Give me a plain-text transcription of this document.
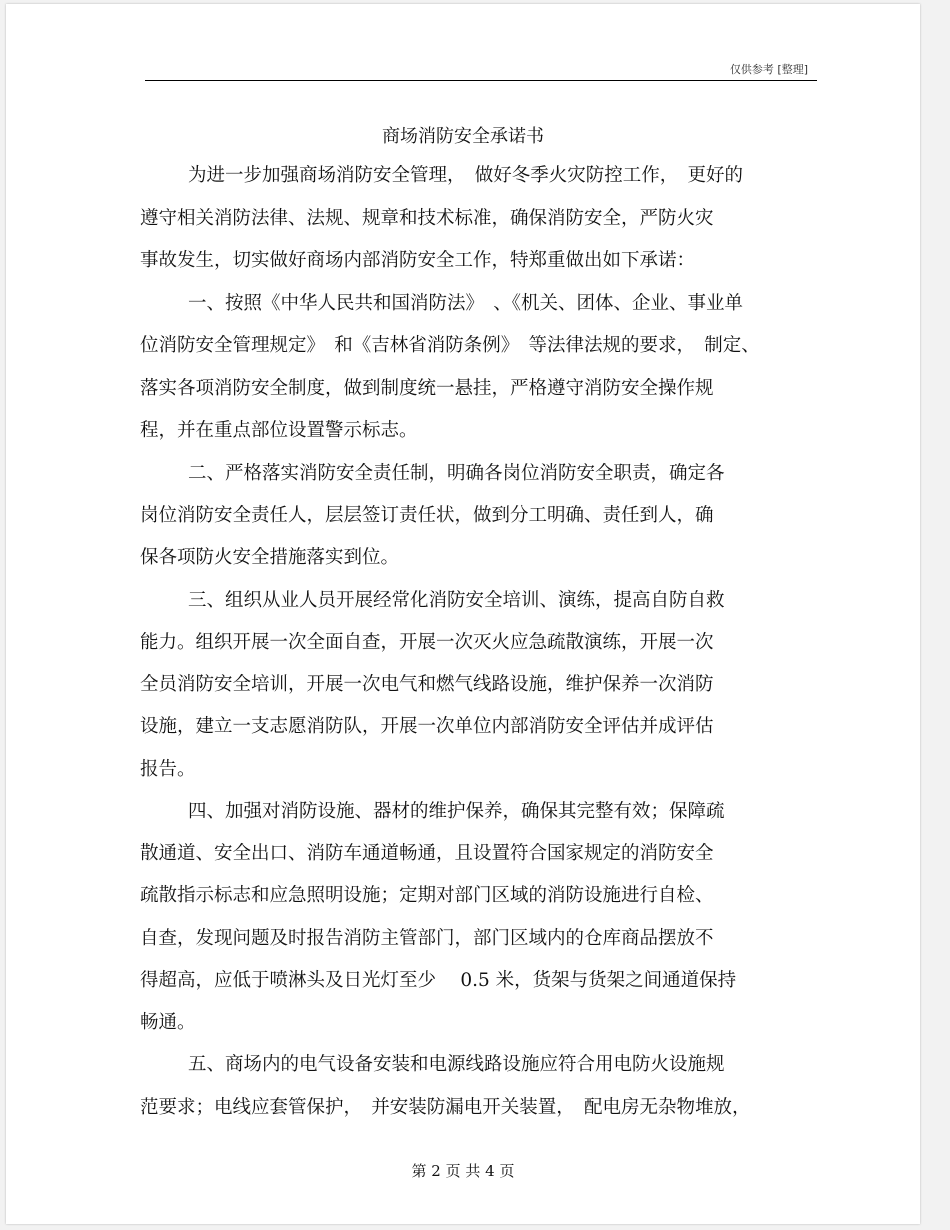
仅供参考 [整理]
商场消防安全承诺书
为进一步加强商场消防安全管理，　做好冬季火灾防控工作，　更好的
遵守相关消防法律、法规、规章和技术标准，确保消防安全，严防火灾
事故发生，切实做好商场内部消防安全工作，特郑重做出如下承诺：
一、按照《中华人民共和国消防法》　、《机关、团体、企业、事业单
位消防安全管理规定》　和《吉林省消防条例》　等法律法规的要求，　制定、
落实各项消防安全制度，做到制度统一悬挂，严格遵守消防安全操作规
程，并在重点部位设置警示标志。
二、严格落实消防安全责任制，明确各岗位消防安全职责，确定各
岗位消防安全责任人，层层签订责任状，做到分工明确、责任到人，确
保各项防火安全措施落实到位。
三、组织从业人员开展经常化消防安全培训、演练，提高自防自救
能力。组织开展一次全面自查，开展一次灭火应急疏散演练，开展一次
全员消防安全培训，开展一次电气和燃气线路设施，维护保养一次消防
设施，建立一支志愿消防队，开展一次单位内部消防安全评估并成评估
报告。
四、加强对消防设施、器材的维护保养，确保其完整有效；保障疏
散通道、安全出口、消防车通道畅通，且设置符合国家规定的消防安全
疏散指示标志和应急照明设施；定期对部门区域的消防设施进行自检、
自查，发现问题及时报告消防主管部门，部门区域内的仓库商品摆放不
得超高，应低于喷淋头及日光灯至少　 0.5 米，货架与货架之间通道保持
畅通。
五、商场内的电气设备安装和电源线路设施应符合用电防火设施规
范要求；电线应套管保护，　并安装防漏电开关装置，　配电房无杂物堆放，
第 2 页 共 4 页
